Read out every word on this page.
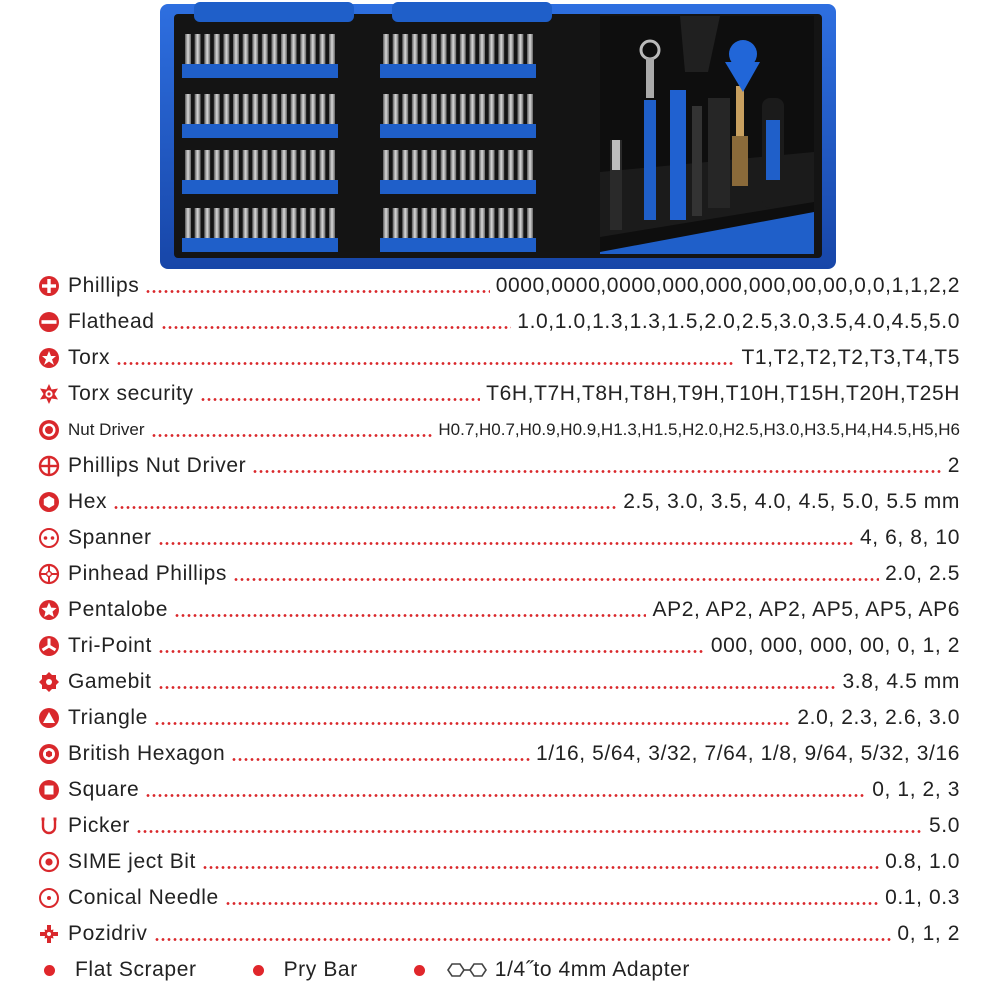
Phillips	0000,0000,0000,000,000,000,00,00,0,0,1,1,2,2
Flathead	1.0,1.0,1.3,1.3,1.5,2.0,2.5,3.0,3.5,4.0,4.5,5.0
Torx	T1,T2,T2,T2,T3,T4,T5
Torx security	T6H,T7H,T8H,T8H,T9H,T10H,T15H,T20H,T25H
Nut Driver	H0.7,H0.7,H0.9,H0.9,H1.3,H1.5,H2.0,H2.5,H3.0,H3.5,H4,H4.5,H5,H6
Phillips Nut Driver	2
Hex	2.5, 3.0, 3.5, 4.0, 4.5, 5.0, 5.5 mm
Spanner	4, 6, 8, 10
Pinhead Phillips	2.0, 2.5
Pentalobe	AP2, AP2, AP2, AP5, AP5, AP6
Tri-Point	000, 000, 000, 00, 0, 1, 2
Gamebit	3.8, 4.5 mm
Triangle	2.0, 2.3, 2.6, 3.0
British Hexagon	1/16, 5/64, 3/32, 7/64, 1/8, 9/64, 5/32, 3/16
Square	0, 1, 2, 3
Picker	5.0
SIME ject Bit	0.8, 1.0
Conical Needle	0.1, 0.3
Pozidriv	0, 1, 2
Flat Scraper	Pry Bar	1/4˝to 4mm Adapter
